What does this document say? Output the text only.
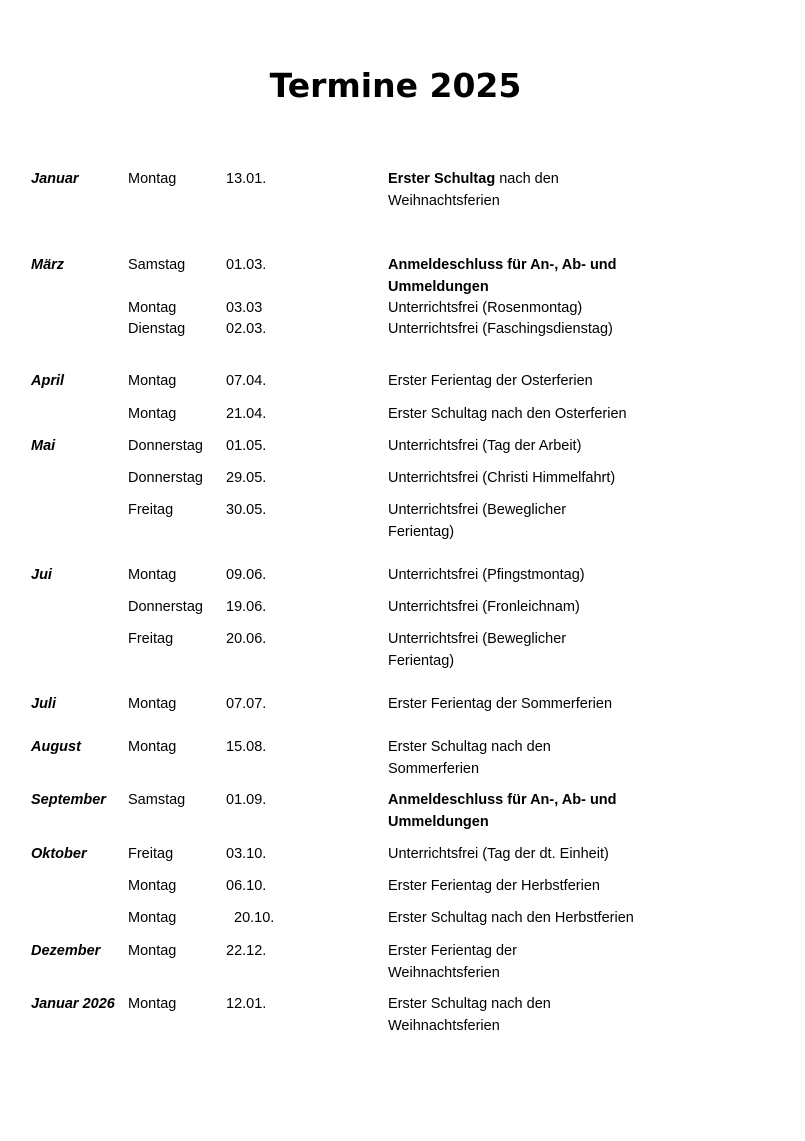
Termine 2025
Januar	Montag	13.01.	Erster Schultag nach den Weihnachtsferien
März	Samstag	01.03.	Anmeldeschluss für An-, Ab- und Ummeldungen
Montag	03.03	Unterrichtsfrei (Rosenmontag)
Dienstag	02.03.	Unterrichtsfrei (Faschingsdienstag)
April	Montag	07.04.	Erster Ferientag der Osterferien
Montag	21.04.	Erster Schultag nach den Osterferien
Mai	Donnerstag 01.05.	Unterrichtsfrei (Tag der Arbeit)
Donnerstag 29.05.	Unterrichtsfrei (Christi Himmelfahrt)
Freitag	30.05.	Unterrichtsfrei (Beweglicher Ferientag)
Jui	Montag	09.06.	Unterrichtsfrei (Pfingstmontag)
Donnerstag 19.06.	Unterrichtsfrei (Fronleichnam)
Freitag	20.06.	Unterrichtsfrei (Beweglicher Ferientag)
Juli	Montag	07.07.	Erster Ferientag der Sommerferien
August	Montag	15.08.	Erster Schultag nach den Sommerferien
September Samstag	01.09.	Anmeldeschluss für An-, Ab- und Ummeldungen
Oktober	Freitag	03.10.	Unterrichtsfrei (Tag der dt. Einheit)
Montag	06.10.	Erster Ferientag der Herbstferien
Montag	20.10.	Erster Schultag nach den Herbstferien
Dezember Montag	22.12.	Erster Ferientag der Weihnachtsferien
Januar 2026 Montag	12.01.	Erster Schultag nach den Weihnachtsferien
